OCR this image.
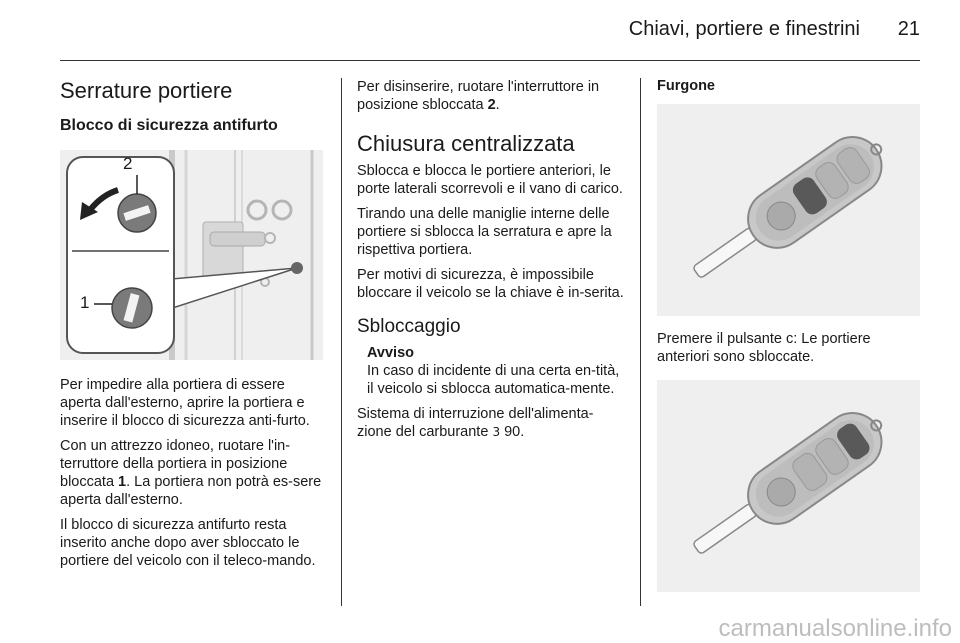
Chiavi, portiere e finestrini	21
Serrature portiere
Blocco di sicurezza antifurto
2
1

Per impedire alla portiera di essere aperta dall'esterno, aprire la portiera e inserire il blocco di sicurezza anti-furto.

Con un attrezzo idoneo, ruotare l'in-terruttore della portiera in posizione bloccata 1. La portiera non potrà es-sere aperta dall'esterno.

Il blocco di sicurezza antifurto resta inserito anche dopo aver sbloccato le portiere del veicolo con il teleco-mando.

Per disinserire, ruotare l'interruttore in posizione sbloccata 2.

Chiusura centralizzata

Sblocca e blocca le portiere anteriori, le porte laterali scorrevoli e il vano di carico.

Tirando una delle maniglie interne delle portiere si sblocca la serratura e apre la rispettiva portiera.

Per motivi di sicurezza, è impossibile bloccare il veicolo se la chiave è in-serita.

Sbloccaggio
Avviso

In caso di incidente di una certa en-tità, il veicolo si sblocca automatica-mente.

Sistema di interruzione dell'alimenta-zione del carburante 3 90.

Furgone

Premere il pulsante c: Le portiere anteriori sono sbloccate.

carmanualsonline.info
